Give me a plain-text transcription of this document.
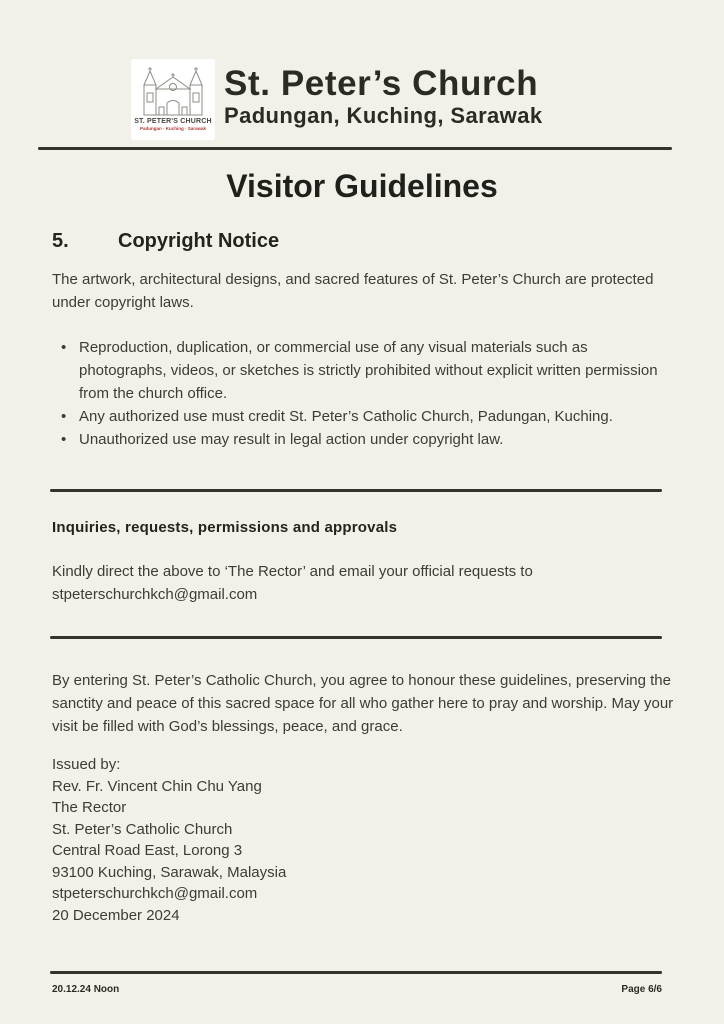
ST. PETER'S CHURCH
Padungan · Kuching · Sarawak
St. Peter’s Church
Padungan, Kuching, Sarawak
Visitor Guidelines
5.	Copyright Notice

The artwork, architectural designs, and sacred features of St. Peter’s Church are protected under copyright laws.

• Reproduction, duplication, or commercial use of any visual materials such as photographs, videos, or sketches is strictly prohibited without explicit written permission from the church office.
• Any authorized use must credit St. Peter’s Catholic Church, Padungan, Kuching.
• Unauthorized use may result in legal action under copyright law.
Inquiries, requests, permissions and approvals

Kindly direct the above to ‘The Rector’ and email your official requests to stpeterschurchkch@gmail.com

By entering St. Peter’s Catholic Church, you agree to honour these guidelines, preserving the sanctity and peace of this sacred space for all who gather here to pray and worship. May your visit be filled with God’s blessings, peace, and grace.

Issued by:
Rev. Fr. Vincent Chin Chu Yang
The Rector
St. Peter’s Catholic Church
Central Road East, Lorong 3
93100 Kuching, Sarawak, Malaysia
stpeterschurchkch@gmail.com
20 December 2024
20.12.24 Noon	Page 6/6
